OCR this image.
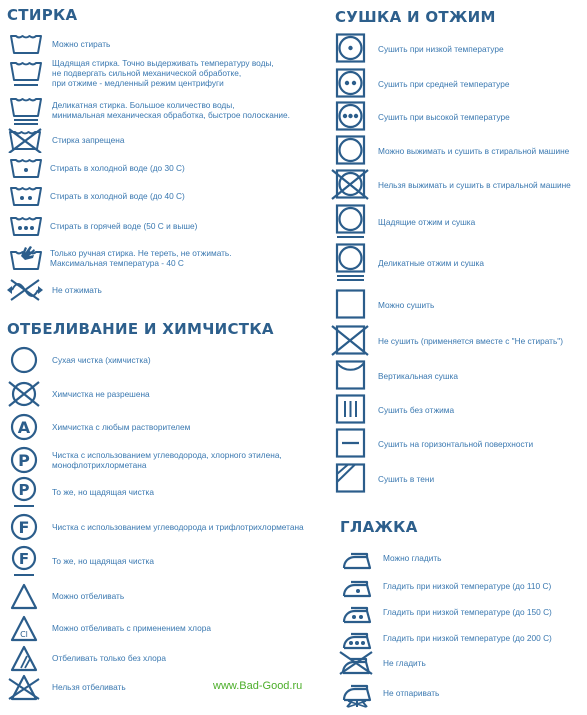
СТИРКА
Можно стирать
Щадящая стирка. Точно выдерживать температуру воды,
не подвергать сильной механической обработке,
при отжиме - медленный режим центрифуги
Деликатная стирка. Большое количество воды,
минимальная механическая обработка, быстрое полоскание.
Стирка запрещена
Стирать в холодной воде (до 30 С)
Стирать в холодной воде (до 40 С)
Стирать в горячей воде (50 С и выше)
Только ручная стирка. Не тереть, не отжимать.
Максимальная температура - 40 С
Не отжимать
ОТБЕЛИВАНИЕ И ХИМЧИСТКА
Сухая чистка (химчистка)
Химчистка не разрешена
A	Химчистка с любым растворителем
P	Чистка с использованием углеводорода, хлорного этилена,
монофлотрихлорметана
P	То же, но щадящая чистка
F	Чистка с использованием углеводорода и трифлотрихлорметана
F	То же, но щадящая чистка
Можно отбеливать
Cl
Можно отбеливать с применением хлора
Отбеливать только без хлора
Нельзя отбеливать	www.Bad-Good.ru
СУШКА И ОТЖИМ
Сушить при низкой температуре
Сушить при средней температуре
Сушить при высокой температуре
Можно выжимать и сушить в стиральной машине
Нельзя выжимать и сушить в стиральной машине
Щадящие отжим и сушка
Деликатные отжим и сушка
Можно сушить
Не сушить (применяется вместе с "Не стирать")
Вертикальная сушка
Сушить без отжима
Сушить на горизонтальной поверхности
Сушить в тени
ГЛАЖКА
Можно гладить
Гладить при низкой температуре (до 110 С)
Гладить при низкой температуре (до 150 С)
Гладить при низкой температуре (до 200 С)
Не гладить
Не отпаривать
